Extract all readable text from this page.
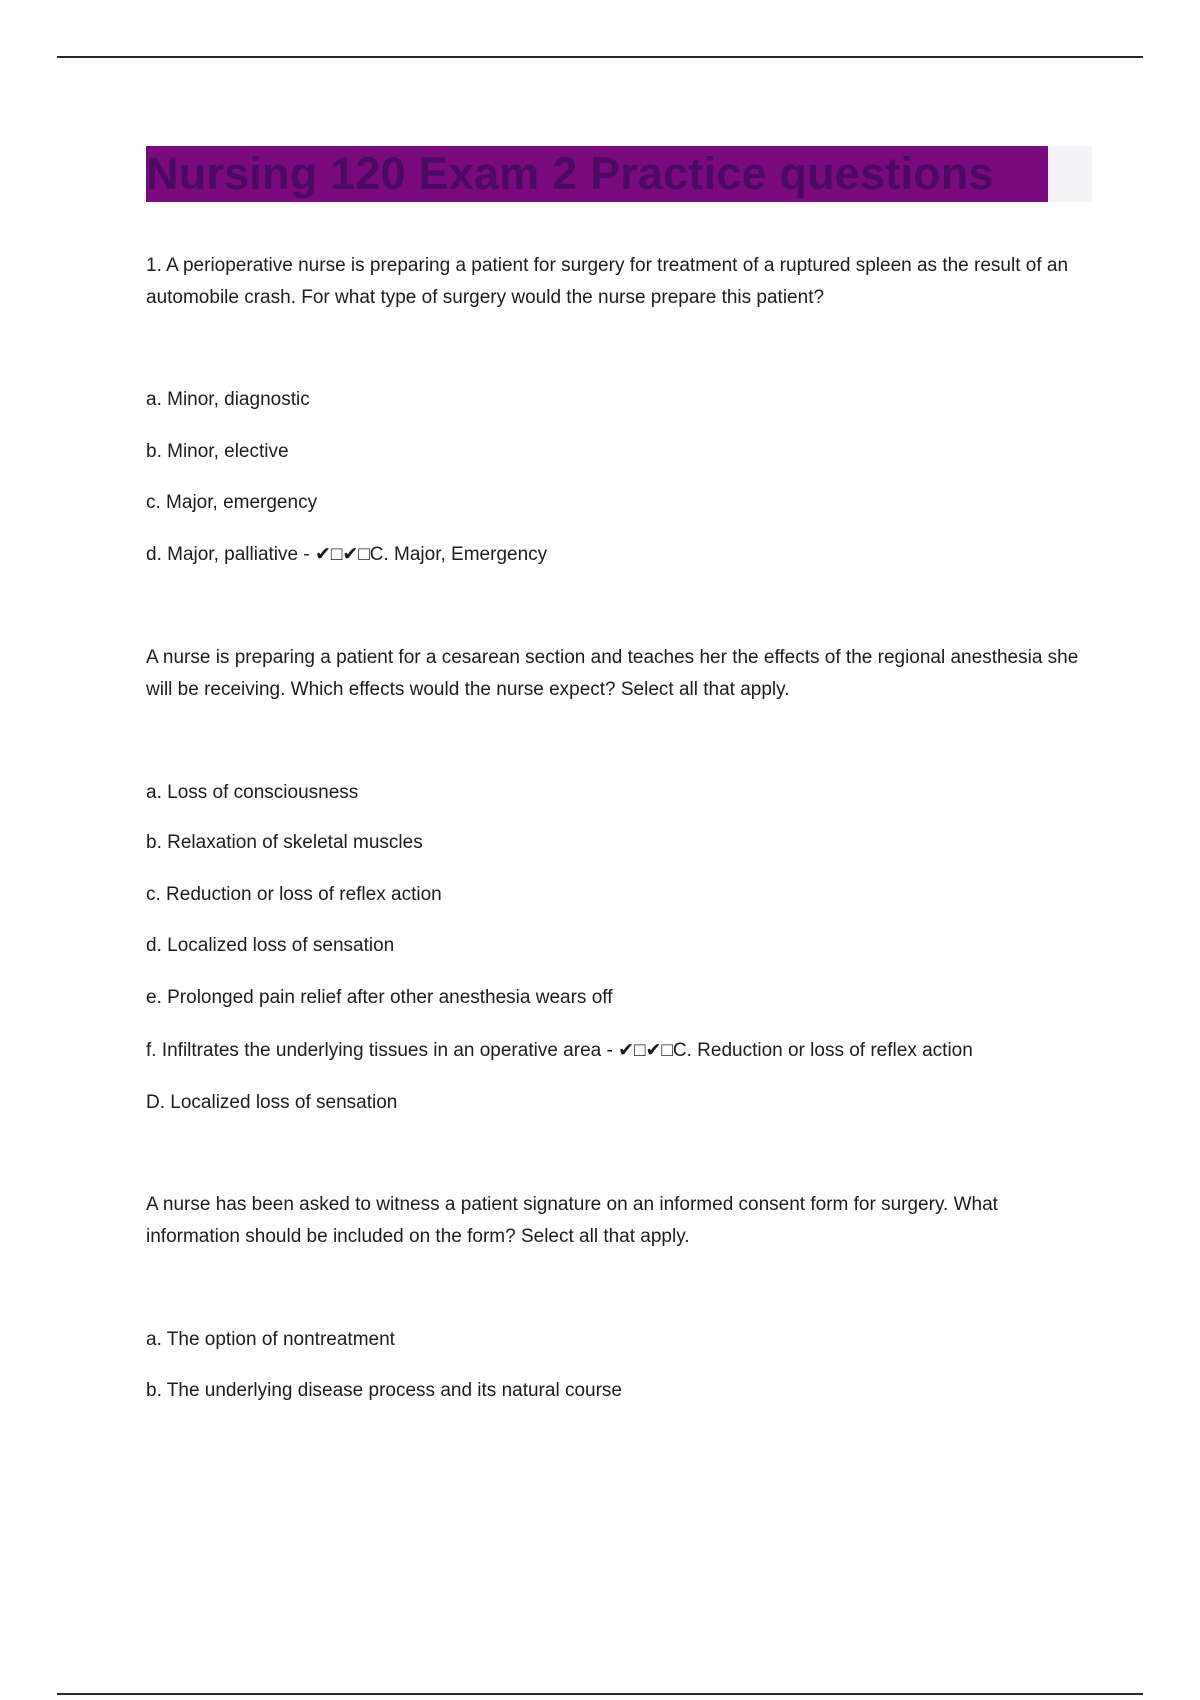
Nursing 120 Exam 2 Practice questions

1. A perioperative nurse is preparing a patient for surgery for treatment of a ruptured spleen as the result of an automobile crash. For what type of surgery would the nurse prepare this patient?

a. Minor, diagnostic

b. Minor, elective

c. Major, emergency

d. Major, palliative - ✔□✔□C. Major, Emergency

A nurse is preparing a patient for a cesarean section and teaches her the effects of the regional anesthesia she will be receiving. Which effects would the nurse expect? Select all that apply.

a. Loss of consciousness

b. Relaxation of skeletal muscles

c. Reduction or loss of reflex action

d. Localized loss of sensation

e. Prolonged pain relief after other anesthesia wears off

f. Infiltrates the underlying tissues in an operative area - ✔□✔□C. Reduction or loss of reflex action

D. Localized loss of sensation

A nurse has been asked to witness a patient signature on an informed consent form for surgery. What information should be included on the form? Select all that apply.

a. The option of nontreatment

b. The underlying disease process and its natural course
